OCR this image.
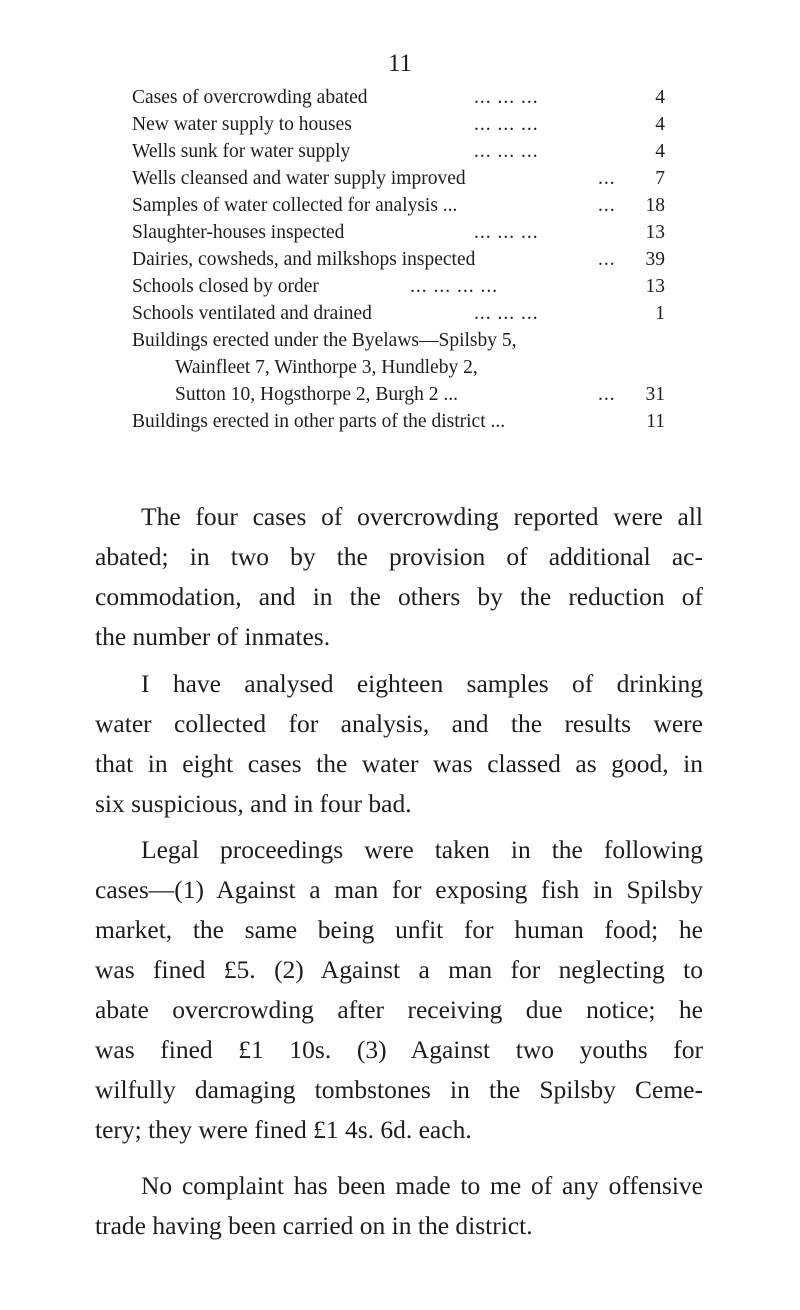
11
Cases of overcrowding abated	... ... ...	4
New water supply to houses	... ... ...	4
Wells sunk for water supply	... ... ...	4
Wells cleansed and water supply improved	... 7
Samples of water collected for analysis ...	... 18
Slaughter-houses inspected	... ... ...	13
Dairies, cowsheds, and milkshops inspected	... 39
Schools closed by order	... ... ... ...	13
Schools ventilated and drained	... ... ...	1
Buildings erected under the Byelaws—Spilsby 5,
Wainfleet 7, Winthorpe 3, Hundleby 2,
Sutton 10, Hogsthorpe 2, Burgh 2 ...	... 31
Buildings erected in other parts of the district ...	11

The four cases of overcrowding reported were all
abated; in two by the provision of additional ac-
commodation, and in the others by the reduction of
the number of inmates.

I have analysed eighteen samples of drinking
water collected for analysis, and the results were
that in eight cases the water was classed as good, in
six suspicious, and in four bad.

Legal proceedings were taken in the following
cases—(1) Against a man for exposing fish in Spilsby
market, the same being unfit for human food; he
was fined £5. (2) Against a man for neglecting to
abate overcrowding after receiving due notice; he
was fined £1 10s. (3) Against two youths for
wilfully damaging tombstones in the Spilsby Ceme-
tery; they were fined £1 4s. 6d. each.

No complaint has been made to me of any offensive
trade having been carried on in the district.
